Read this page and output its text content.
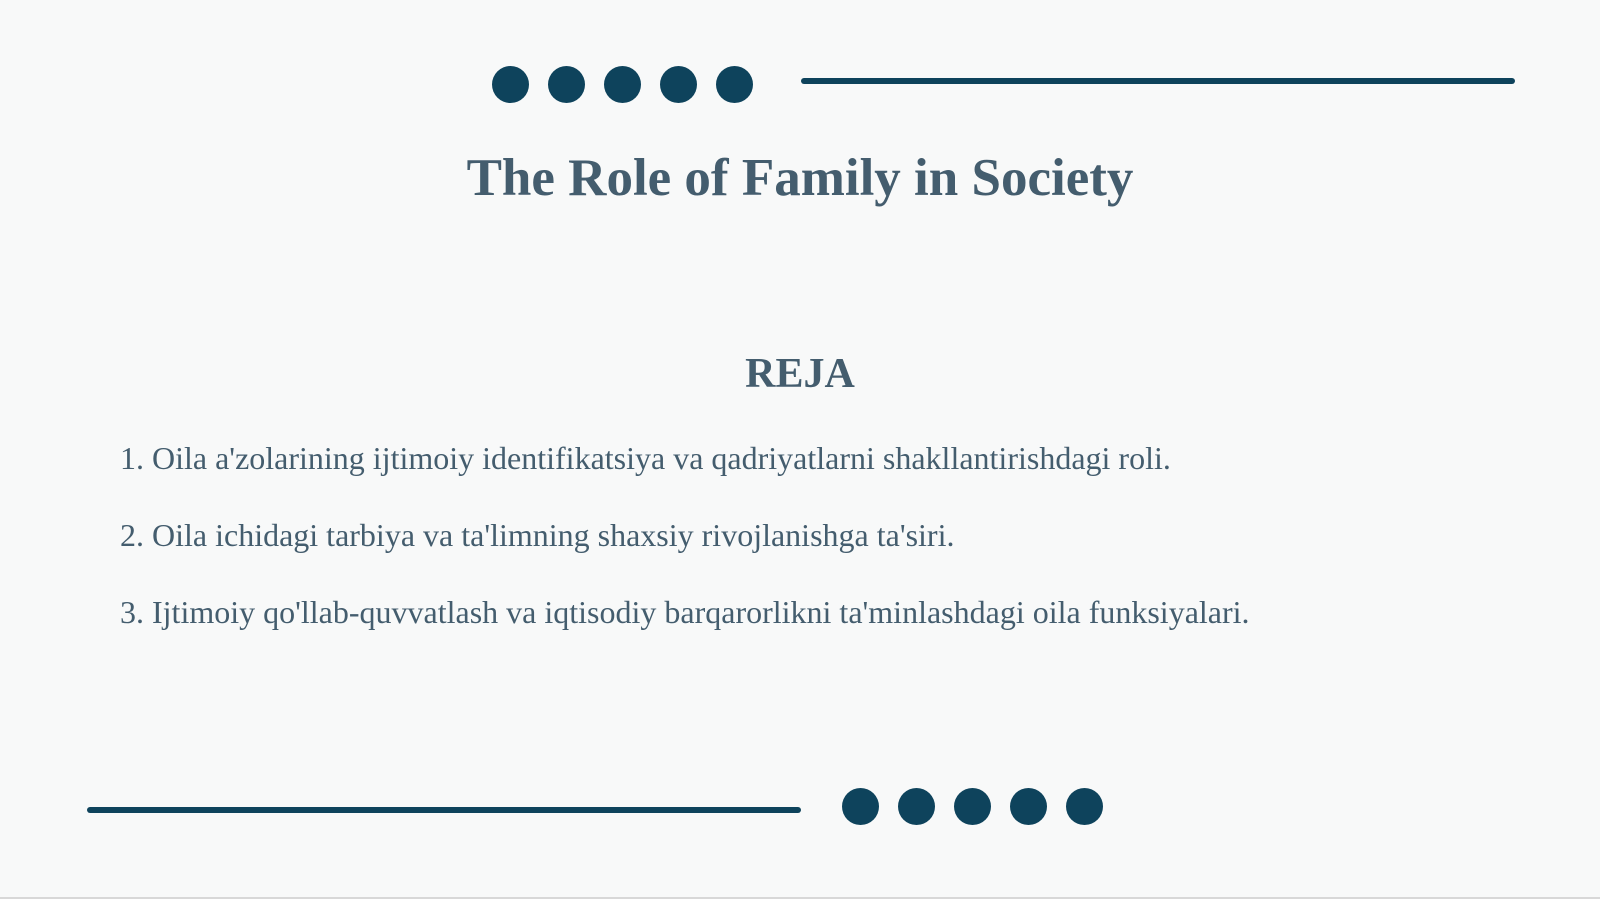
The Role of Family in Society
REJA
1. Oila a'zolarining ijtimoiy identifikatsiya va qadriyatlarni shakllantirishdagi roli.
2. Oila ichidagi tarbiya va ta'limning shaxsiy rivojlanishga ta'siri.
3. Ijtimoiy qo'llab-quvvatlash va iqtisodiy barqarorlikni ta'minlashdagi oila funksiyalari.
